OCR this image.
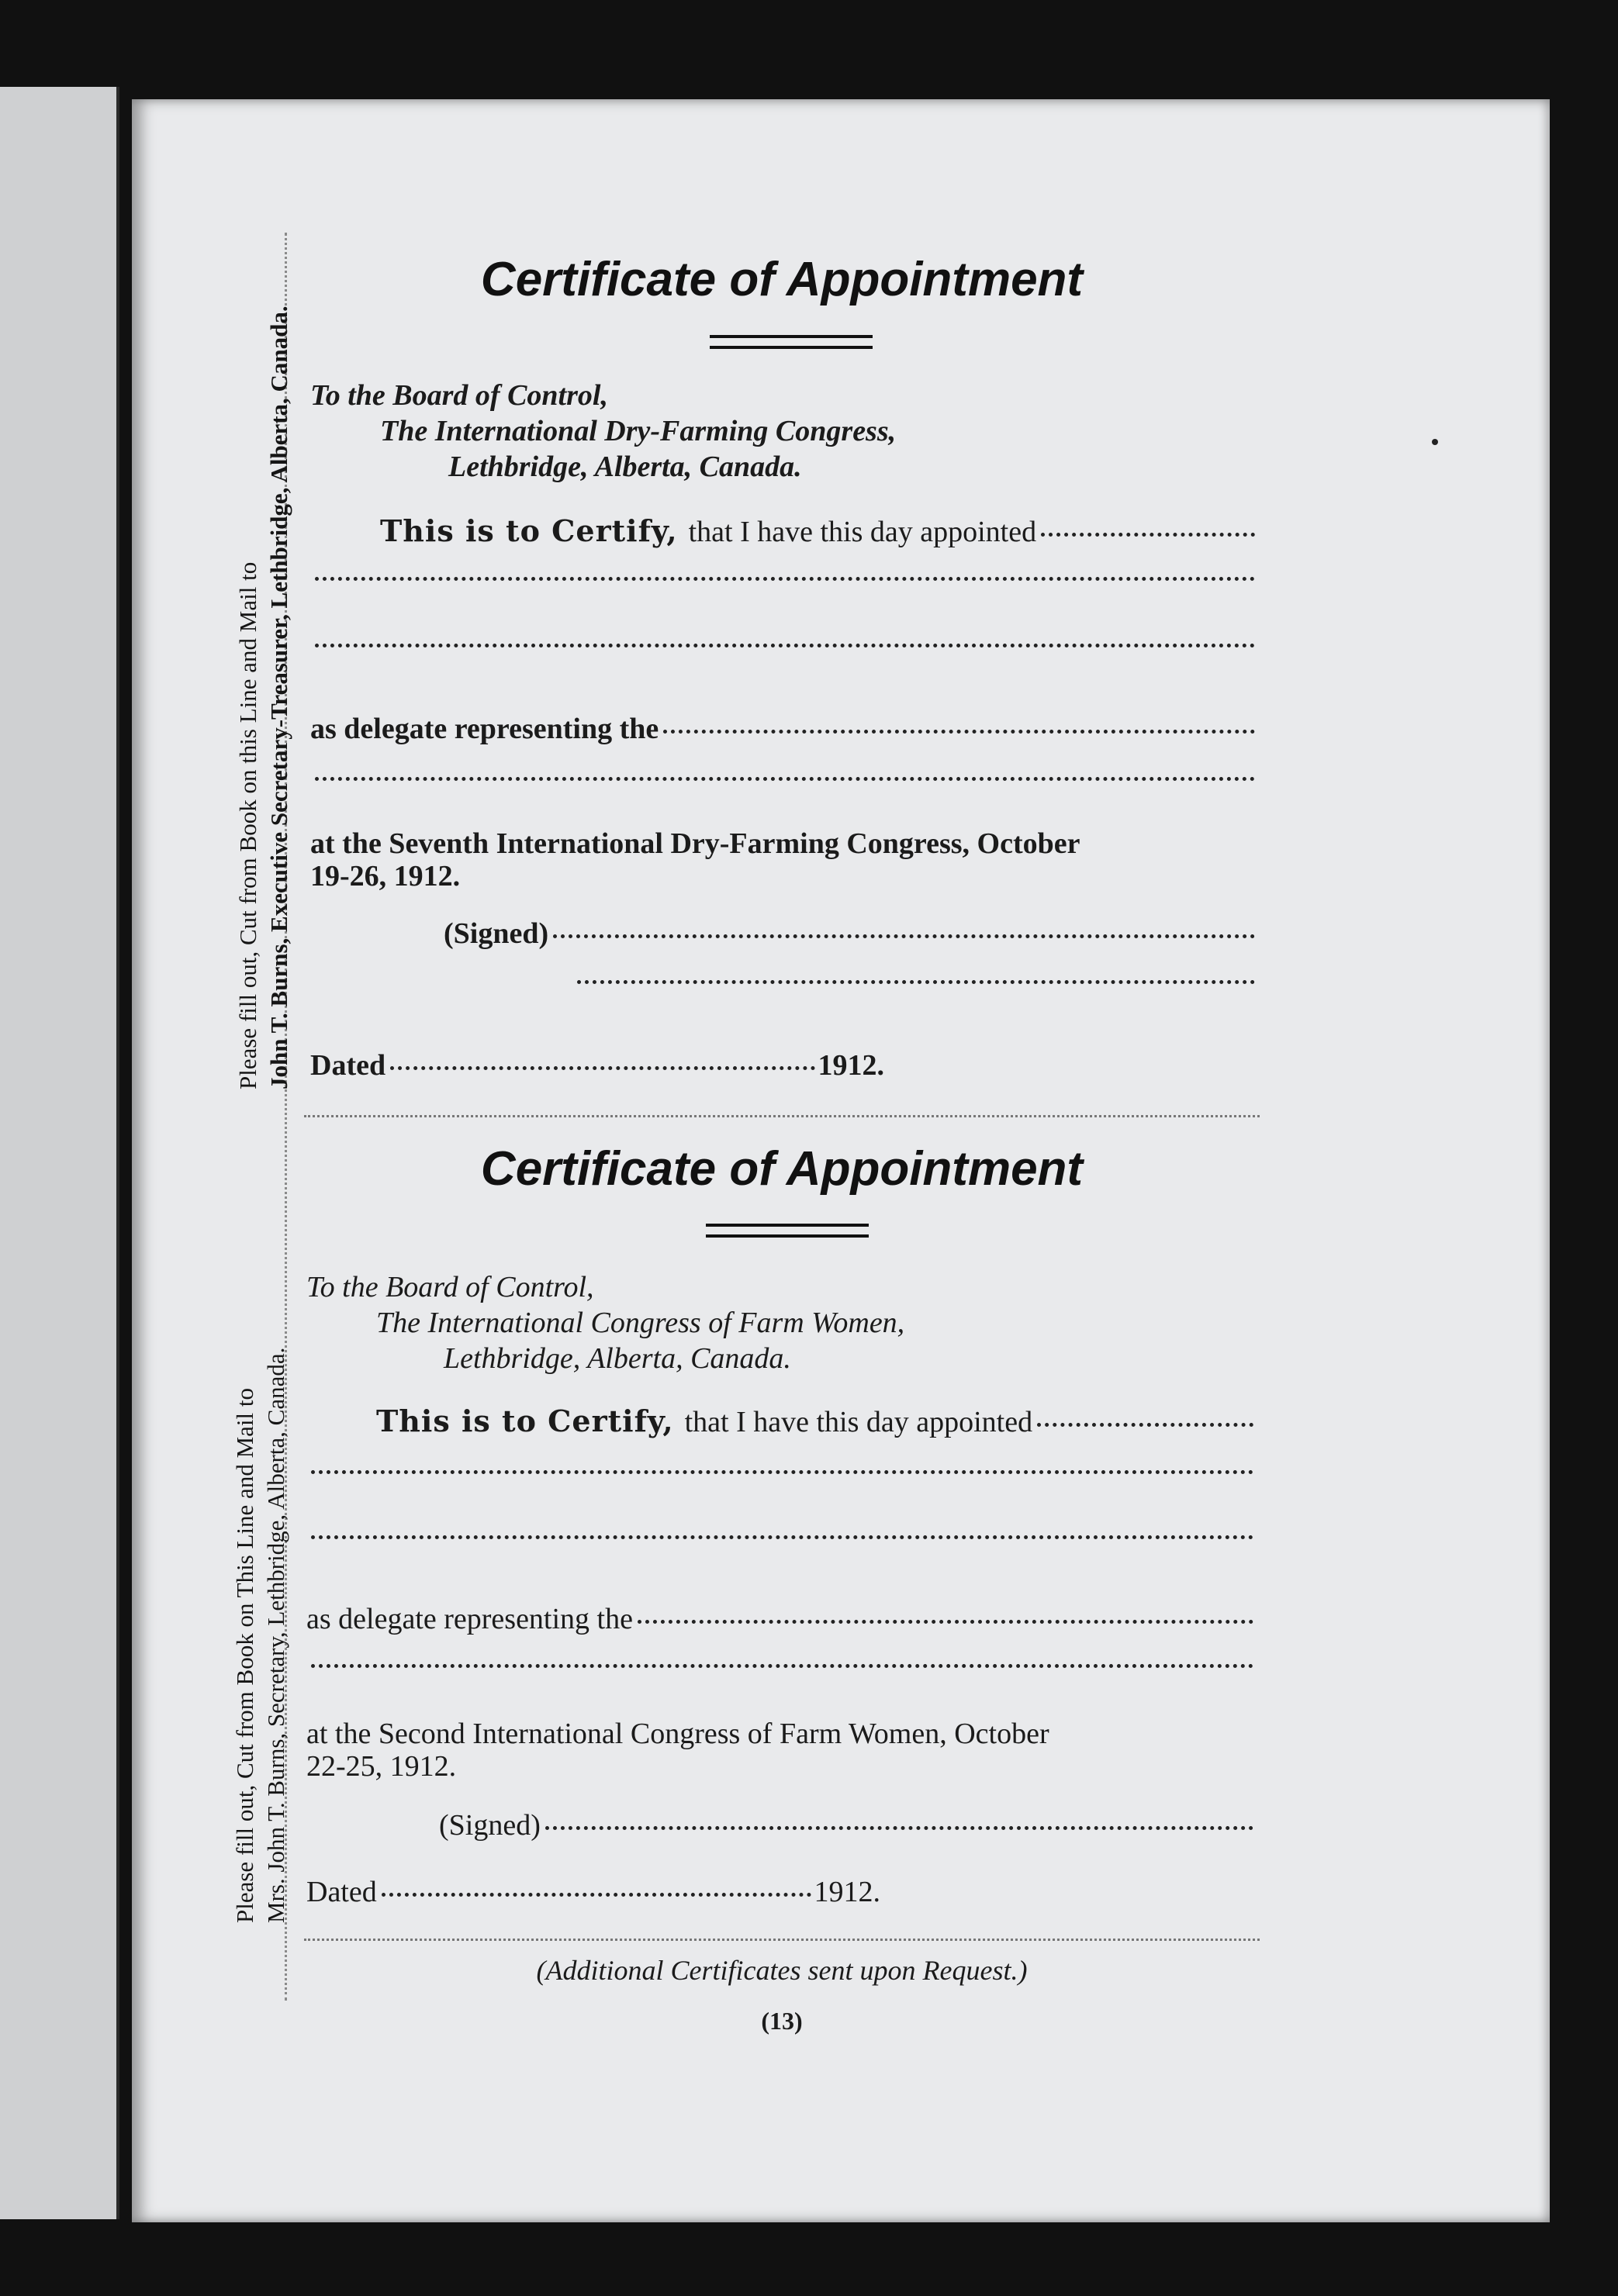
Please fill out, Cut from Book on this Line and Mail to John T. Burns, Executive Secretary-Treasurer, Lethbridge, Alberta, Canada.
Please fill out, Cut from Book on This Line and Mail to Mrs. John T. Burns, Secretary, Lethbridge, Alberta, Canada.
Certificate of Appointment
To the Board of Control,
The International Dry-Farming Congress,
Lethbridge, Alberta, Canada.
This is to Certify, that I have this day appointed
as delegate representing the
at the Seventh International Dry-Farming Congress, October
19-26, 1912.
(Signed)
Dated	1912.
Certificate of Appointment
To the Board of Control,
The International Congress of Farm Women,
Lethbridge, Alberta, Canada.
This is to Certify, that I have this day appointed
as delegate representing the
at the Second International Congress of Farm Women, October
22-25, 1912.
(Signed)
Dated	1912.
(Additional Certificates sent upon Request.)
(13)
